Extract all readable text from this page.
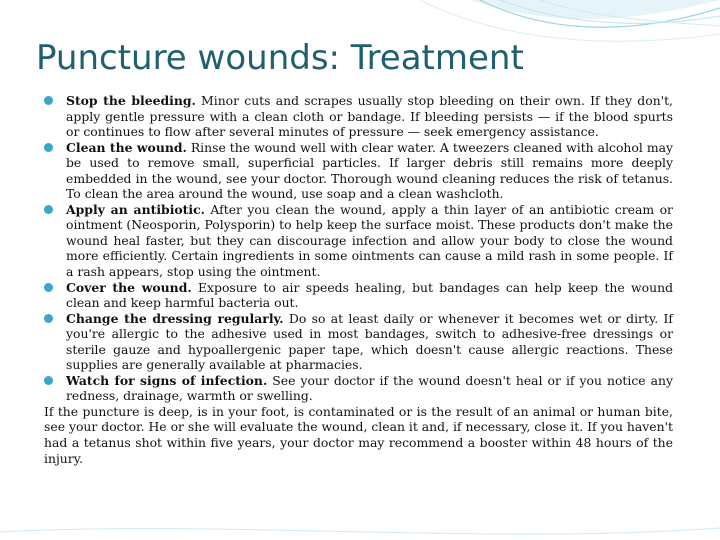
Puncture wounds: Treatment
Stop the bleeding. Minor cuts and scrapes usually stop bleeding on their own. If they don't, apply gentle pressure with a clean cloth or bandage. If bleeding persists — if the blood spurts or continues to flow after several minutes of pressure — seek emergency assistance.
Clean the wound. Rinse the wound well with clear water. A tweezers cleaned with alcohol may be used to remove small, superficial particles. If larger debris still remains more deeply embedded in the wound, see your doctor. Thorough wound cleaning reduces the risk of tetanus. To clean the area around the wound, use soap and a clean washcloth.
Apply an antibiotic. After you clean the wound, apply a thin layer of an antibiotic cream or ointment (Neosporin, Polysporin) to help keep the surface moist. These products don't make the wound heal faster, but they can discourage infection and allow your body to close the wound more efficiently. Certain ingredients in some ointments can cause a mild rash in some people. If a rash appears, stop using the ointment.
Cover the wound. Exposure to air speeds healing, but bandages can help keep the wound clean and keep harmful bacteria out.
Change the dressing regularly. Do so at least daily or whenever it becomes wet or dirty. If you're allergic to the adhesive used in most bandages, switch to adhesive-free dressings or sterile gauze and hypoallergenic paper tape, which doesn't cause allergic reactions. These supplies are generally available at pharmacies.
Watch for signs of infection. See your doctor if the wound doesn't heal or if you notice any redness, drainage, warmth or swelling.

If the puncture is deep, is in your foot, is contaminated or is the result of an animal or human bite, see your doctor. He or she will evaluate the wound, clean it and, if necessary, close it. If you haven't had a tetanus shot within five years, your doctor may recommend a booster within 48 hours of the injury.
